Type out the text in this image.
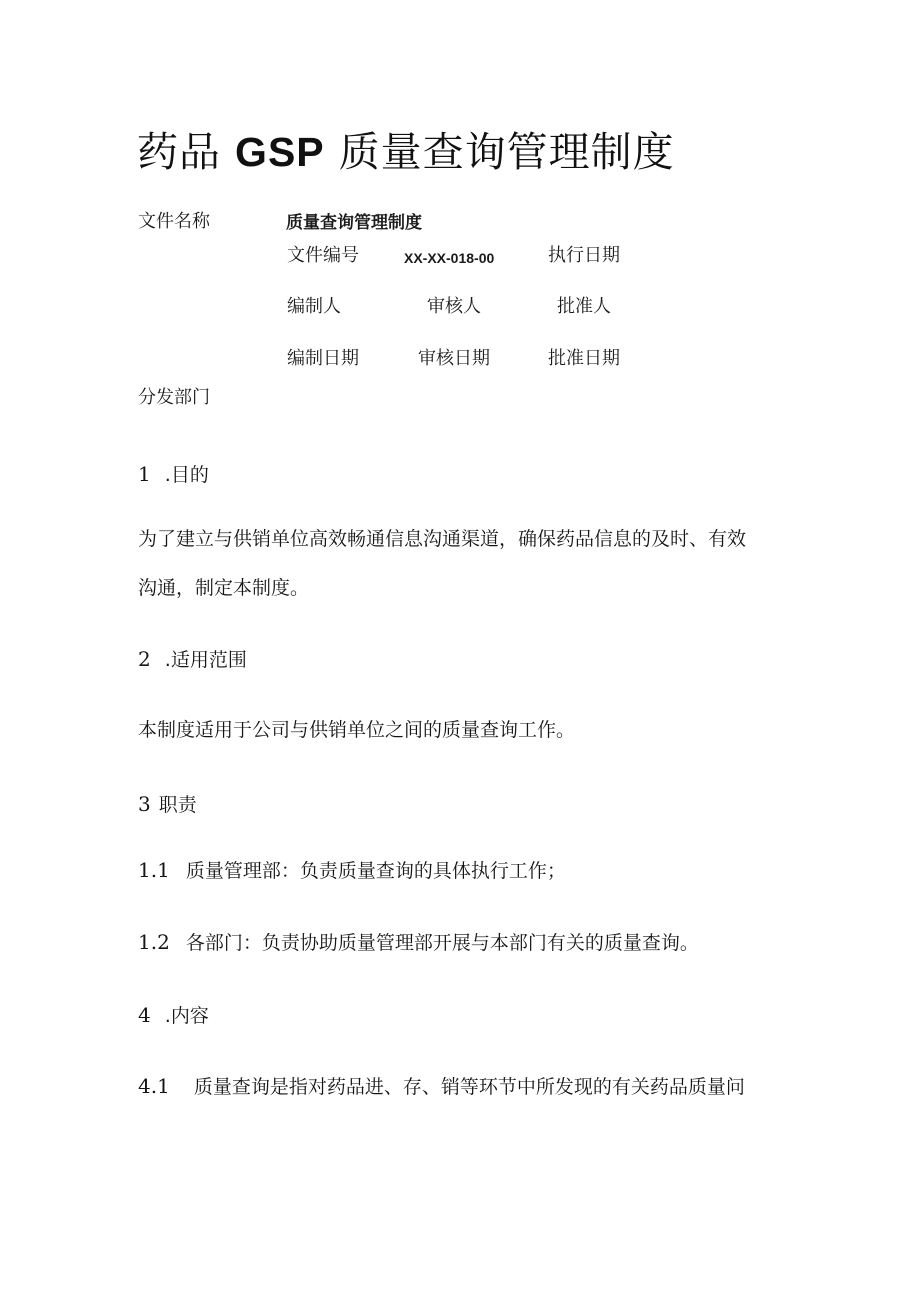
药品 GSP 质量查询管理制度
文件名称	质量查询管理制度
文件编号	XX-XX-018-00	执行日期
编制人	审核人	批准人
编制日期	审核日期	批准日期
分发部门
1 .目的
为了建立与供销单位高效畅通信息沟通渠道，确保药品信息的及时、有效
沟通，制定本制度。
2 .适用范围
本制度适用于公司与供销单位之间的质量查询工作。
3 职责
1.1 质量管理部：负责质量查询的具体执行工作；
1.2 各部门：负责协助质量管理部开展与本部门有关的质量查询。
4 .内容
4.1 质量查询是指对药品进、存、销等环节中所发现的有关药品质量问
